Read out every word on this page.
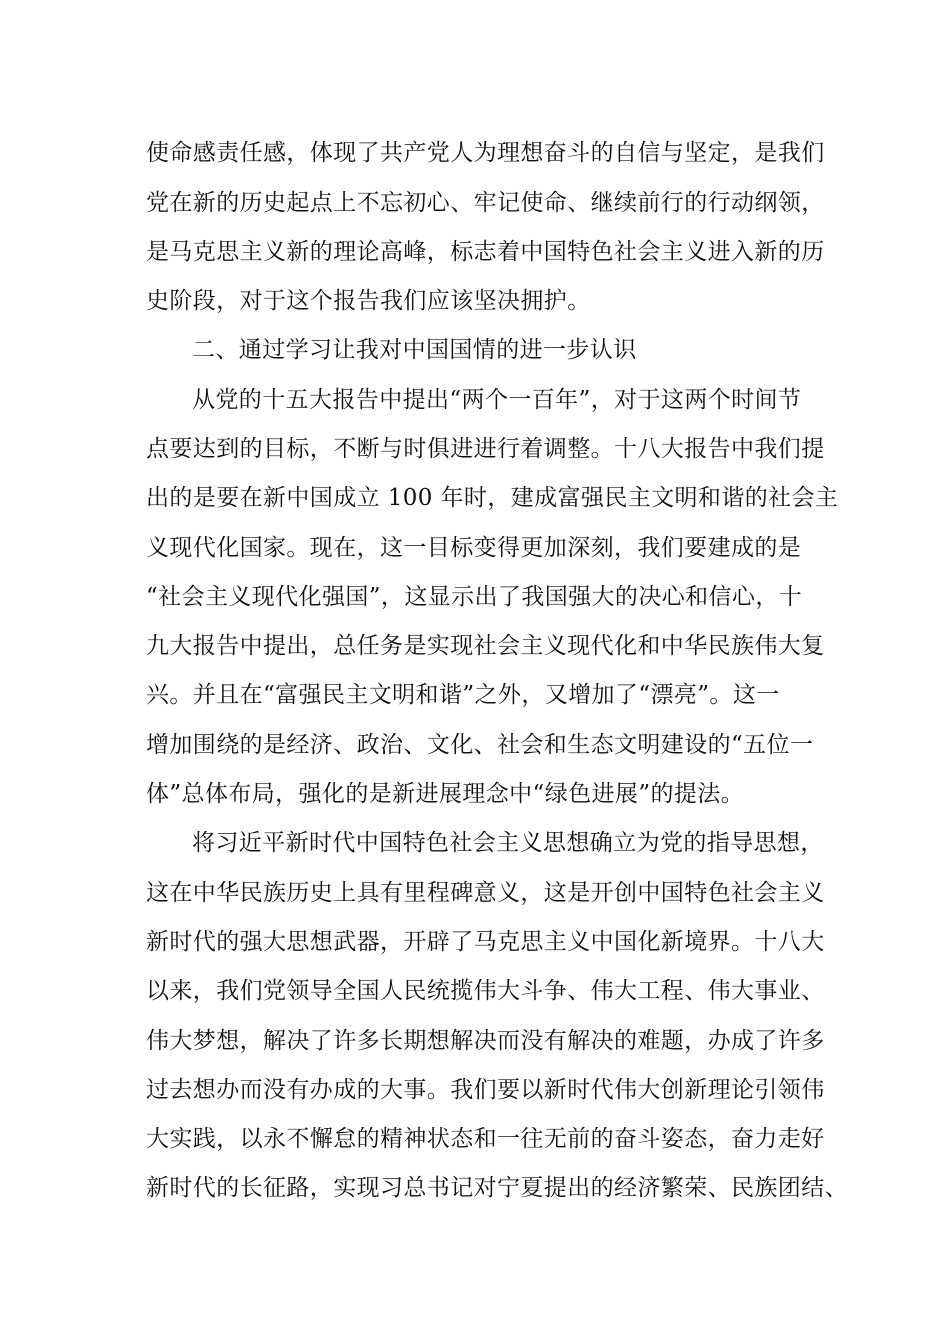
使命感责任感，体现了共产党人为理想奋斗的自信与坚定，是我们
党在新的历史起点上不忘初心、牢记使命、继续前行的行动纲领，
是马克思主义新的理论高峰，标志着中国特色社会主义进入新的历
史阶段，对于这个报告我们应该坚决拥护。
二、通过学习让我对中国国情的进一步认识
从党的十五大报告中提出“两个一百年”，对于这两个时间节
点要达到的目标，不断与时俱进进行着调整。十八大报告中我们提
出的是要在新中国成立 100 年时，建成富强民主文明和谐的社会主
义现代化国家。现在，这一目标变得更加深刻，我们要建成的是
“社会主义现代化强国”，这显示出了我国强大的决心和信心，十
九大报告中提出，总任务是实现社会主义现代化和中华民族伟大复
兴。并且在“富强民主文明和谐”之外，又增加了“漂亮”。这一
增加围绕的是经济、政治、文化、社会和生态文明建设的“五位一
体”总体布局，强化的是新进展理念中“绿色进展”的提法。
将习近平新时代中国特色社会主义思想确立为党的指导思想，
这在中华民族历史上具有里程碑意义，这是开创中国特色社会主义
新时代的强大思想武器，开辟了马克思主义中国化新境界。十八大
以来，我们党领导全国人民统揽伟大斗争、伟大工程、伟大事业、
伟大梦想，解决了许多长期想解决而没有解决的难题，办成了许多
过去想办而没有办成的大事。我们要以新时代伟大创新理论引领伟
大实践，以永不懈怠的精神状态和一往无前的奋斗姿态，奋力走好
新时代的长征路，实现习总书记对宁夏提出的经济繁荣、民族团结、
